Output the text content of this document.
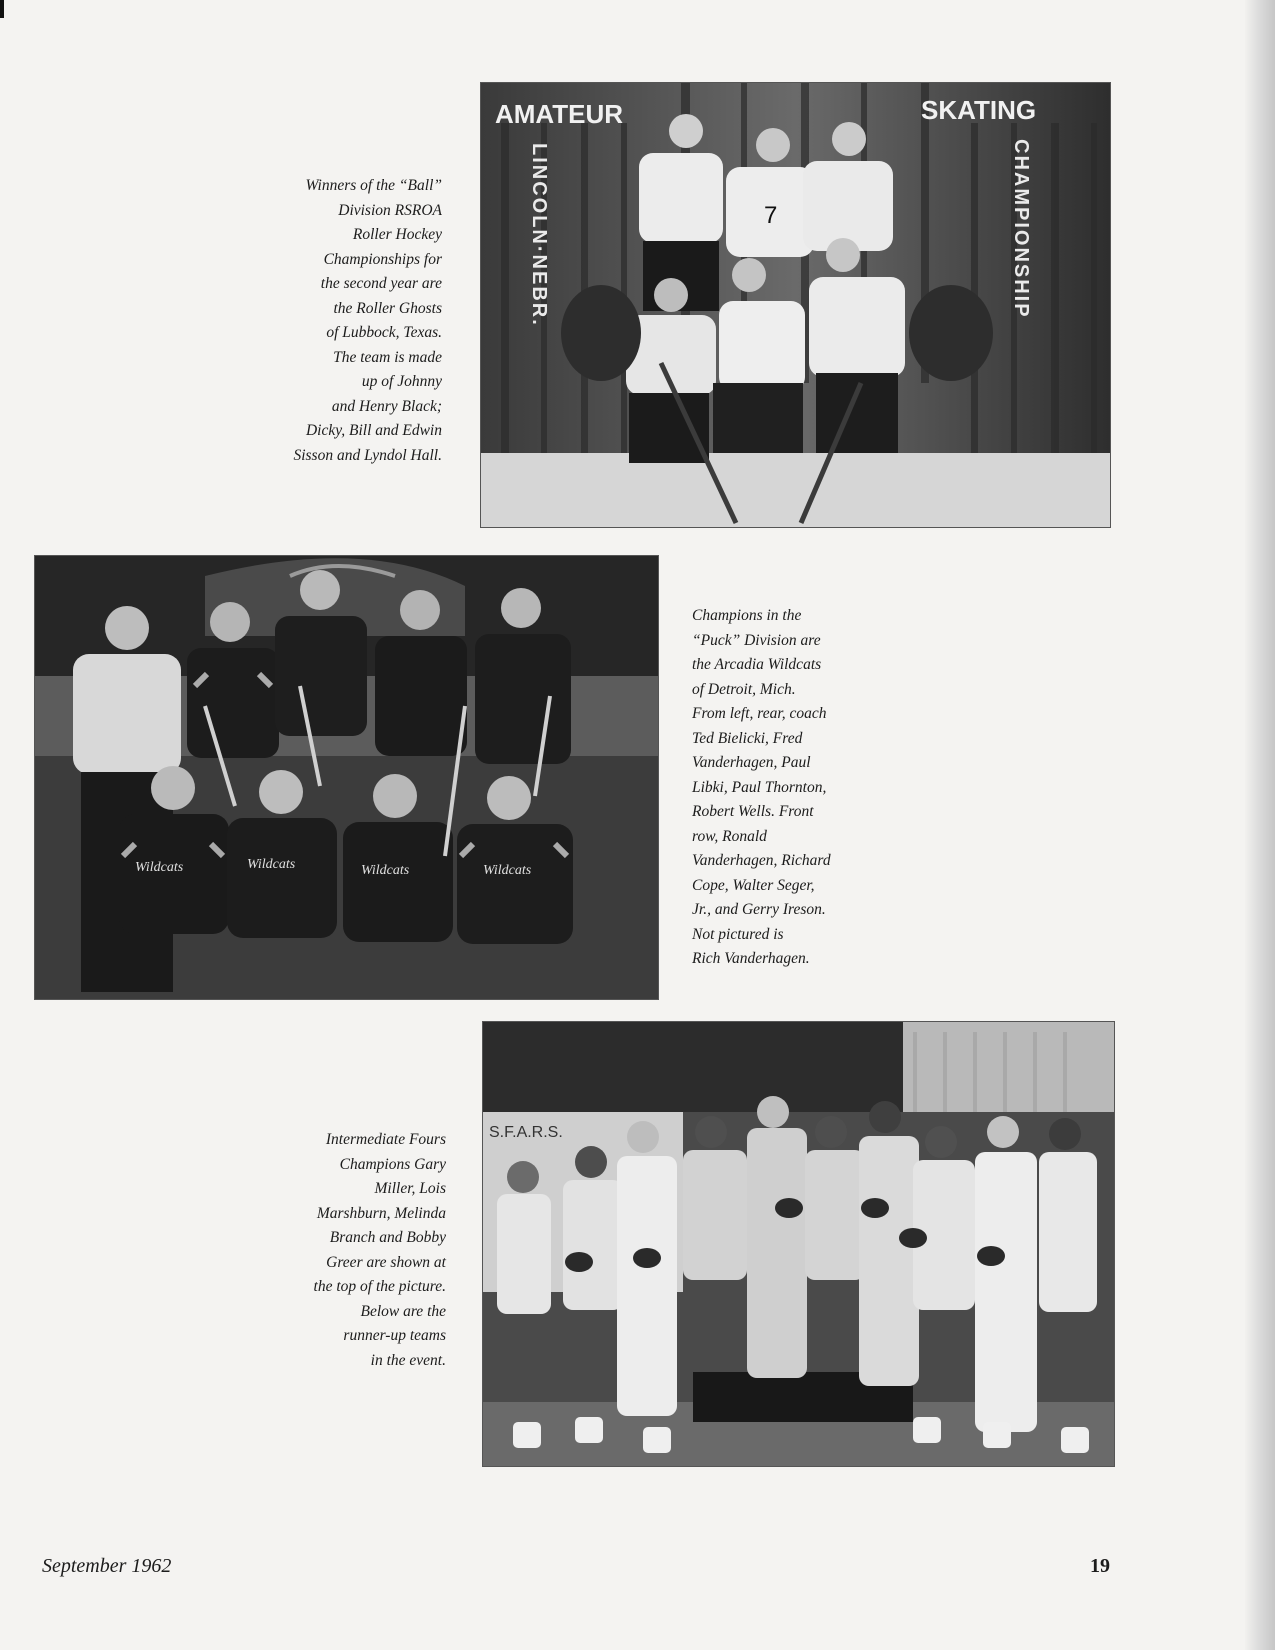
AMATEUR	SKATING
LINCOLN·NEBR.	CHAMPIONSHIP
7
Winners of the “Ball”
Division RSROA
Roller Hockey
Championships for
the second year are
the Roller Ghosts
of Lubbock, Texas.
The team is made
up of Johnny
and Henry Black;
Dicky, Bill and Edwin
Sisson and Lyndol Hall.
Wildcats	Wildcats	Wildcats	Wildcats
Champions in the
“Puck” Division are
the Arcadia Wildcats
of Detroit, Mich.
From left, rear, coach
Ted Bielicki, Fred
Vanderhagen, Paul
Libki, Paul Thornton,
Robert Wells. Front
row, Ronald
Vanderhagen, Richard
Cope, Walter Seger,
Jr., and Gerry Ireson.
Not pictured is
Rich Vanderhagen.
S.F.A.R.S.
Intermediate Fours
Champions Gary
Miller, Lois
Marshburn, Melinda
Branch and Bobby
Greer are shown at
the top of the picture.
Below are the
runner-up teams
in the event.
September 1962	19
